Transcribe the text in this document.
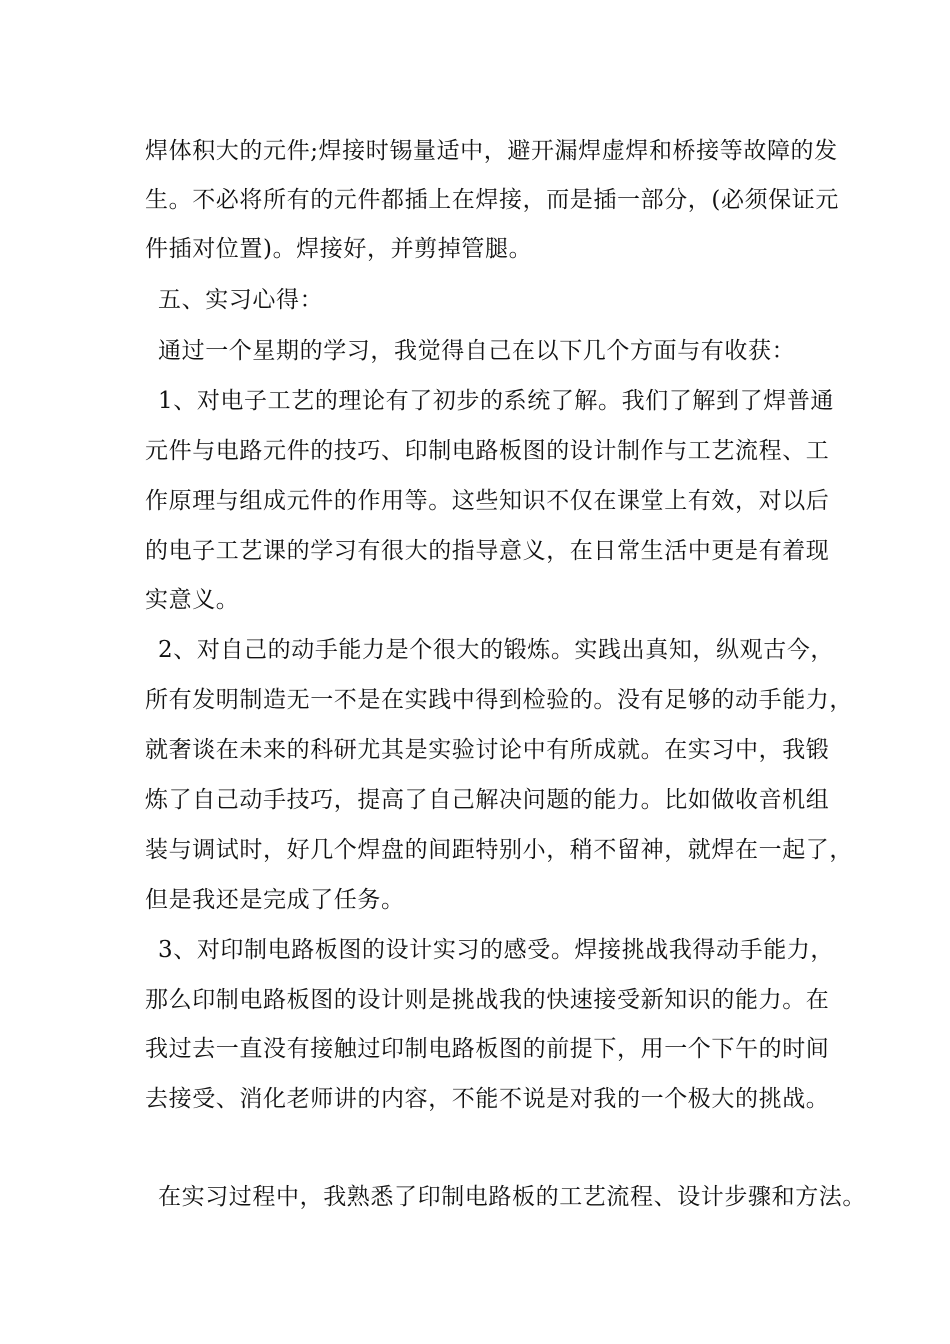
焊体积大的元件;焊接时锡量适中，避开漏焊虚焊和桥接等故障的发
生。不必将所有的元件都插上在焊接，而是插一部分，(必须保证元
件插对位置)。焊接好，并剪掉管腿。
五、实习心得：
通过一个星期的学习，我觉得自己在以下几个方面与有收获：
1、对电子工艺的理论有了初步的系统了解。我们了解到了焊普通
元件与电路元件的技巧、印制电路板图的设计制作与工艺流程、工
作原理与组成元件的作用等。这些知识不仅在课堂上有效，对以后
的电子工艺课的学习有很大的指导意义，在日常生活中更是有着现
实意义。
2、对自己的动手能力是个很大的锻炼。实践出真知，纵观古今，
所有发明制造无一不是在实践中得到检验的。没有足够的动手能力，
就奢谈在未来的科研尤其是实验讨论中有所成就。在实习中，我锻
炼了自己动手技巧，提高了自己解决问题的能力。比如做收音机组
装与调试时，好几个焊盘的间距特别小，稍不留神，就焊在一起了，
但是我还是完成了任务。
3、对印制电路板图的设计实习的感受。焊接挑战我得动手能力，
那么印制电路板图的设计则是挑战我的快速接受新知识的能力。在
我过去一直没有接触过印制电路板图的前提下，用一个下午的时间
去接受、消化老师讲的内容，不能不说是对我的一个极大的挑战。
在实习过程中，我熟悉了印制电路板的工艺流程、设计步骤和方法。
